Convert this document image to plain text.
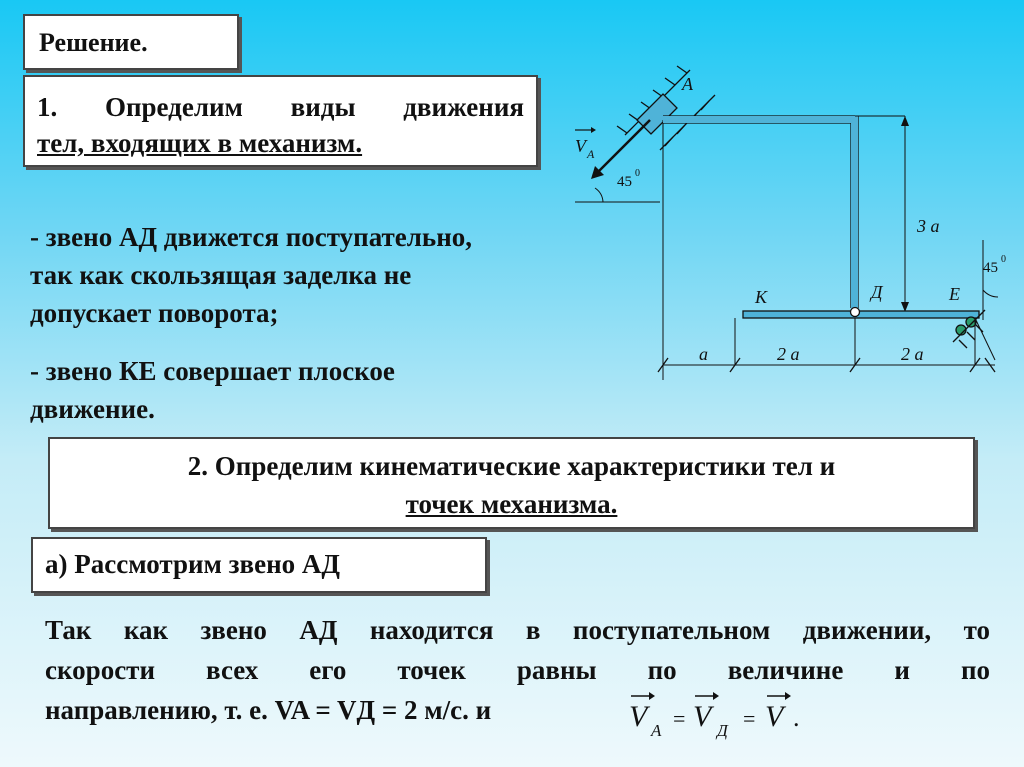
Решение.
1. Определим виды движения
тел, входящих в механизм.
- звено АД движется поступательно,
так как скользящая заделка не
допускает поворота;
- звено КЕ совершает плоское
движение.
2. Определим кинематические характеристики тел и
точек механизма.
а) Рассмотрим звено АД
Так как звено АД находится в поступательном движении, то
скорости всех его точек равны по величине и по
направлению, т. е. VA = VД = 2 м/с. и	V A = V Д = V .
A
V A
45
0
3 a
45
0
K	Д	E
a	2 a	2 a
